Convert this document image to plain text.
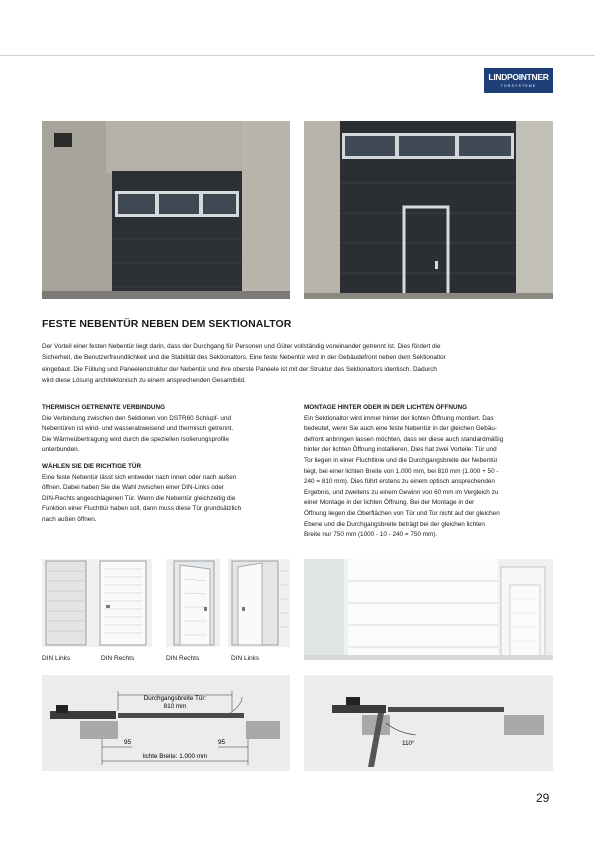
LINDPOINTNER
TORSYSTEME
FESTE NEBENTÜR NEBEN DEM SEKTIONALTOR
Der Vorteil einer festen Nebentür liegt darin, dass der Durchgang für Personen und Güter vollständig voneinander getrennt ist. Dies fördert die
Sicherheit, die Benutzerfreundlichkeit und die Stabilität des Sektionaltors. Eine feste Nebentür wird in der Gebäudefront neben dem Sektionaltor
eingebaut. Die Füllung und Paneelenstruktur der Nebentür und ihre oberste Paneele ist mit der Struktur des Sektionaltors identisch. Dadurch
wird diese Lösung architektonisch zu einem ansprechenden Gesamtbild.
THERMISCH GETRENNTE VERBINDUNG
Die Verbindung zwischen den Sektionen von DSTR60 Schlupf- und
Nebentüren ist wind- und wasserabweisend und thermisch getrennt.
Die Wärmeübertragung wird durch die speziellen Isolierungsprofile
unterbunden.
WÄHLEN SIE DIE RICHTIGE TÜR
Eine feste Nebentür lässt sich entweder nach innen oder nach außen
öffnen. Dabei haben Sie die Wahl zwischen einer DIN-Links oder
DIN-Rechts angeschlagenen Tür. Wenn die Nebentür gleichzeitig die
Funktion einer Fluchttür haben soll, dann muss diese Tür grundsätzlich
nach außen öffnen.
MONTAGE HINTER ODER IN DER LICHTEN ÖFFNUNG
Ein Sektionaltor wird immer hinter der lichten Öffnung montiert. Das
bedeutet, wenn Sie auch eine feste Nebentür in der gleichen Gebäu-
defront anbringen lassen möchten, dass wir diese auch standardmäßig
hinter der lichten Öffnung installieren. Dies hat zwei Vorteile: Tür und
Tor liegen in einer Fluchtlinie und die Durchgangsbreite der Nebentür
liegt, bei einer lichten Breite von 1.000 mm, bei 810 mm (1.000 + 50 -
240 = 810 mm). Dies führt erstens zu einem optisch ansprechenden
Ergebnis, und zweitens zu einem Gewinn von 60 mm im Vergleich zu
einer Montage in der lichten Öffnung. Bei der Montage in der
Öffnung liegen die Oberflächen von Tür und Tor nicht auf der gleichen
Ebene und die Durchgangsbreite beträgt bei der gleichen lichten
Breite nur 750 mm (1000 - 10 - 240 = 750 mm).
DIN Links	DIN Rechts	DIN Rechts	DIN Links
Durchgangsbreite Tür:
810 mm
95	95
lichte Breite: 1.000 mm
110°
29
